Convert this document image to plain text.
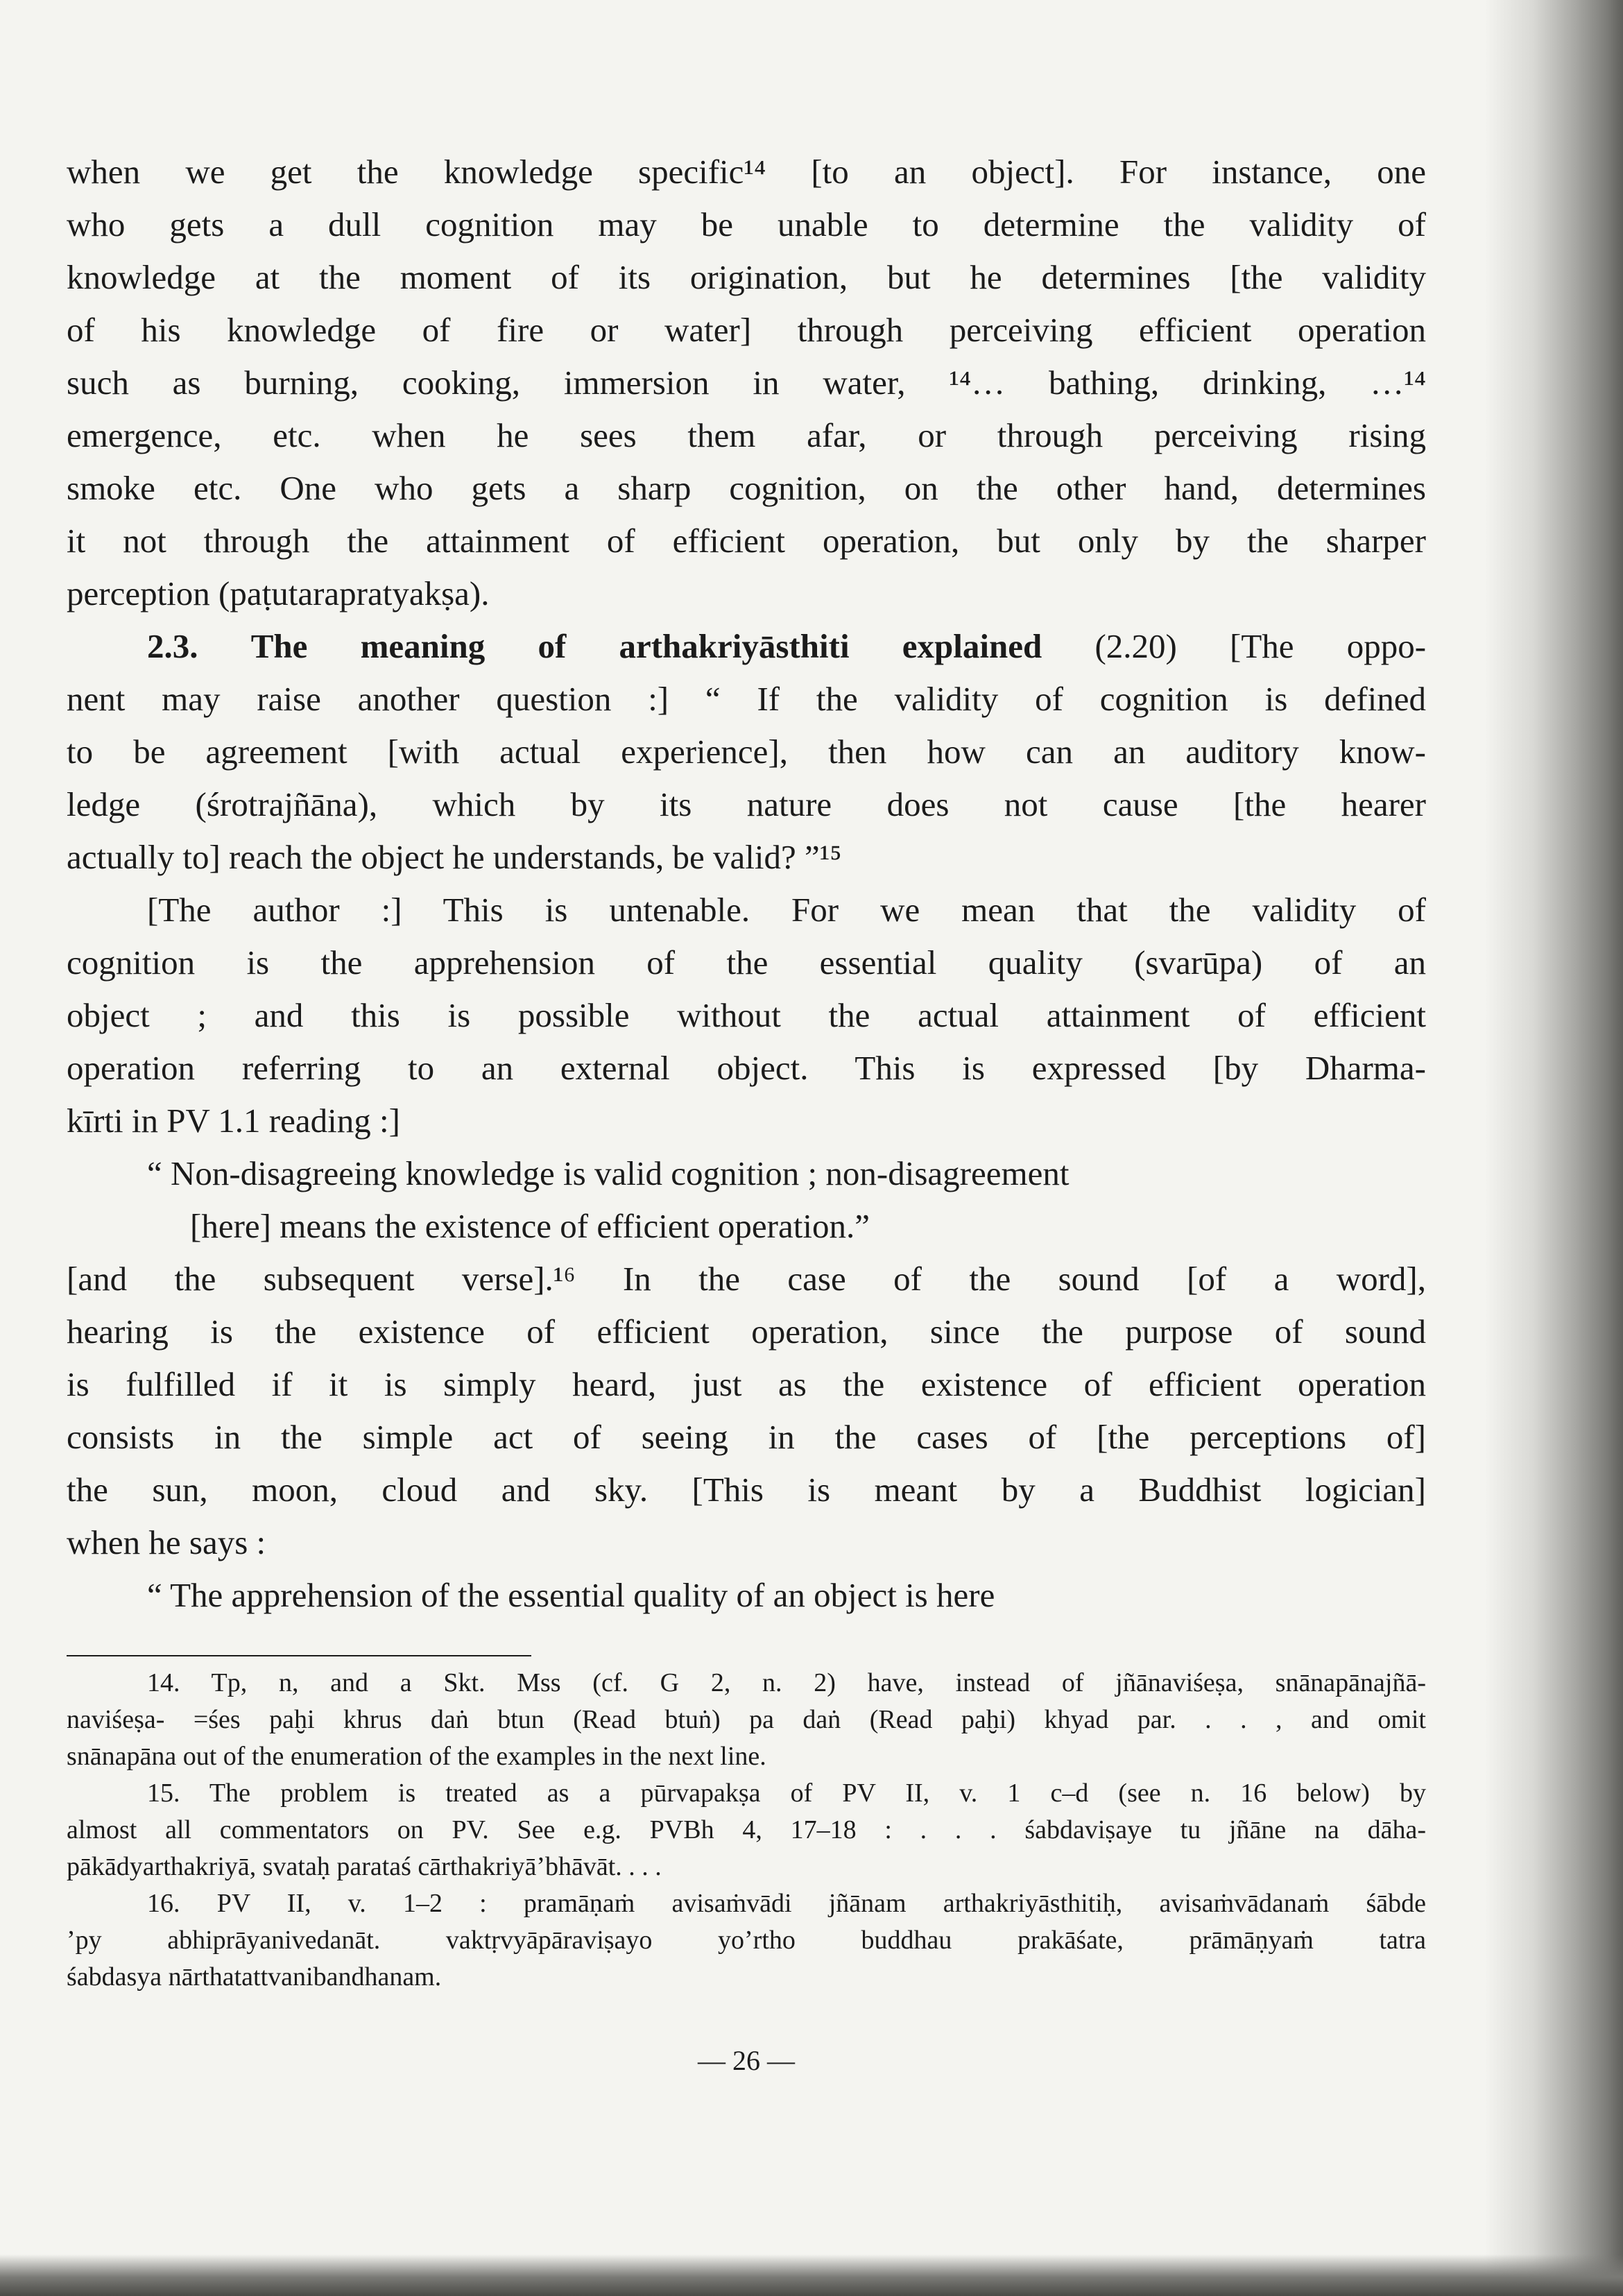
when we get the knowledge specific¹⁴ [to an object]. For instance, one
who gets a dull cognition may be unable to determine the validity of
knowledge at the moment of its origination, but he determines [the validity
of his knowledge of fire or water] through perceiving efficient operation
such as burning, cooking, immersion in water, ¹⁴… bathing, drinking, …¹⁴
emergence, etc. when he sees them afar, or through perceiving rising
smoke etc. One who gets a sharp cognition, on the other hand, determines
it not through the attainment of efficient operation, but only by the sharper
perception (paṭutarapratyakṣa).
2.3. The meaning of arthakriyāsthiti explained (2.20) [The oppo-
nent may raise another question :] “ If the validity of cognition is defined
to be agreement [with actual experience], then how can an auditory know-
ledge (śrotrajñāna), which by its nature does not cause [the hearer
actually to] reach the object he understands, be valid? ”¹⁵
[The author :] This is untenable. For we mean that the validity of
cognition is the apprehension of the essential quality (svarūpa) of an
object ; and this is possible without the actual attainment of efficient
operation referring to an external object. This is expressed [by Dharma-
kīrti in PV 1.1 reading :]
“ Non-disagreeing knowledge is valid cognition ; non-disagreement
[here] means the existence of efficient operation.”
[and the subsequent verse].¹⁶ In the case of the sound [of a word],
hearing is the existence of efficient operation, since the purpose of sound
is fulfilled if it is simply heard, just as the existence of efficient operation
consists in the simple act of seeing in the cases of [the perceptions of]
the sun, moon, cloud and sky. [This is meant by a Buddhist logician]
when he says :
“ The apprehension of the essential quality of an object is here
14. Tp, n, and a Skt. Mss (cf. G 2, n. 2) have, instead of jñānaviśeṣa, snānapānajñā-
naviśeṣa- =śes paḫi khrus daṅ btun (Read btuṅ) pa daṅ (Read paḫi) khyad par. . . , and omit
snānapāna out of the enumeration of the examples in the next line.
15. The problem is treated as a pūrvapakṣa of PV II, v. 1 c–d (see n. 16 below) by
almost all commentators on PV. See e.g. PVBh 4, 17–18 : . . . śabdaviṣaye tu jñāne na dāha-
pākādyarthakriyā, svataḥ parataś cārthakriyā’bhāvāt. . . .
16. PV II, v. 1–2 : pramāṇaṁ avisaṁvādi jñānam arthakriyāsthitiḥ, avisaṁvādanaṁ śābde
’py abhiprāyanivedanāt. vaktṛvyāpāraviṣayo yo’rtho buddhau prakāśate, prāmāṇyaṁ tatra
śabdasya nārthatattvanibandhanam.
— 26 —
